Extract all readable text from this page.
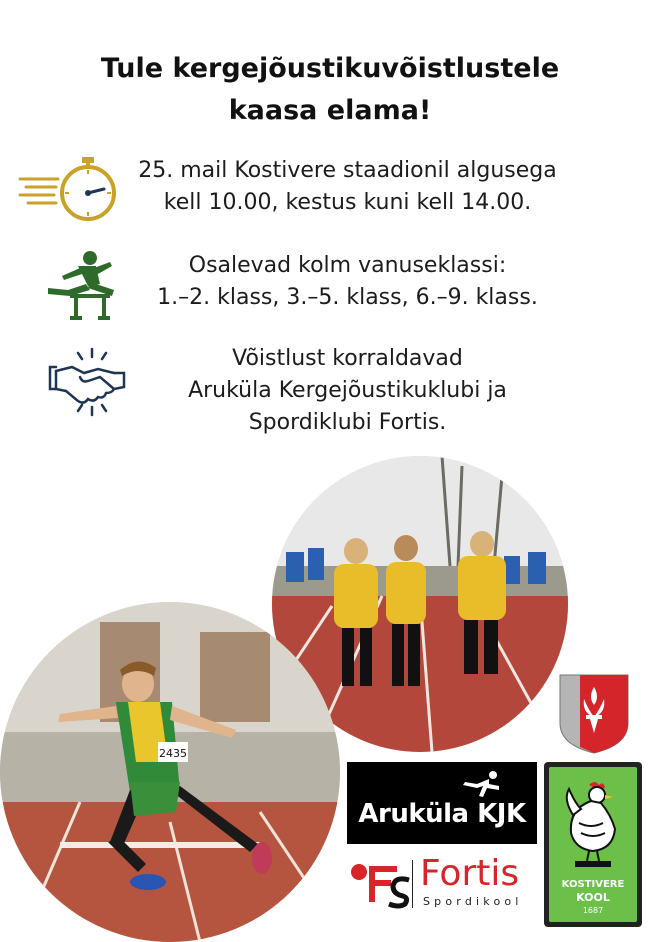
Tule kergejõustikuvõistlustele
kaasa elama!
25. mail Kostivere staadionil algusega
kell 10.00, kestus kuni kell 14.00.
Osalevad kolm vanuseklassi:
1.–2. klass, 3.–5. klass, 6.–9. klass.
Võistlust korraldavad
Aruküla Kergejõustikuklubi ja
Spordiklubi Fortis.
2435
Aruküla KJK
Fortis
Spordikool
KOSTIVERE
KOOL
1687
